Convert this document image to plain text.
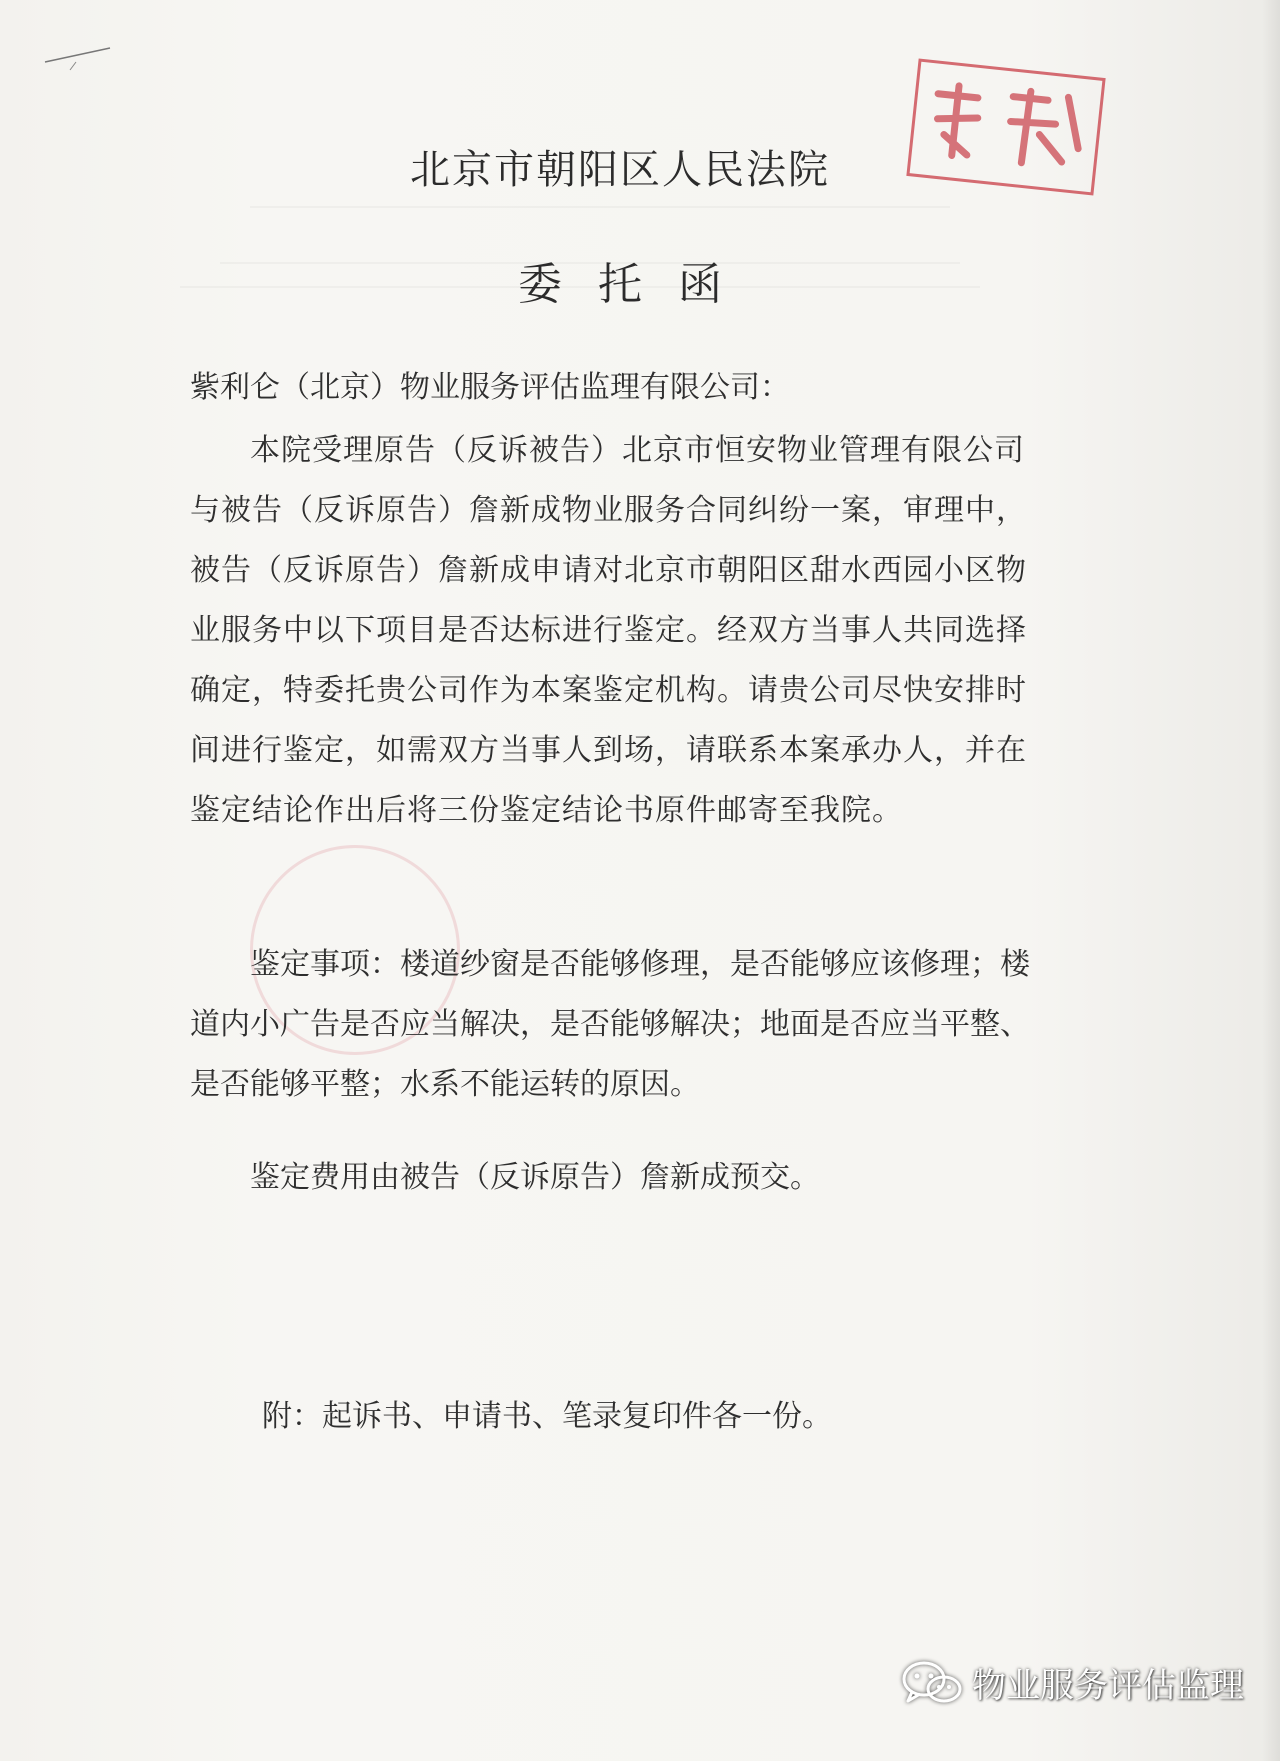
北京市朝阳区人民法院
委托函
紫利仑（北京）物业服务评估监理有限公司：
本院受理原告（反诉被告）北京市恒安物业管理有限公司与被告（反诉原告）詹新成物业服务合同纠纷一案，审理中，被告（反诉原告）詹新成申请对北京市朝阳区甜水西园小区物业服务中以下项目是否达标进行鉴定。经双方当事人共同选择确定，特委托贵公司作为本案鉴定机构。请贵公司尽快安排时间进行鉴定，如需双方当事人到场，请联系本案承办人，并在鉴定结论作出后将三份鉴定结论书原件邮寄至我院。
鉴定事项：楼道纱窗是否能够修理，是否能够应该修理；楼道内小广告是否应当解决，是否能够解决；地面是否应当平整、是否能够平整；水系不能运转的原因。
鉴定费用由被告（反诉原告）詹新成预交。
附：起诉书、申请书、笔录复印件各一份。
物业服务评估监理
